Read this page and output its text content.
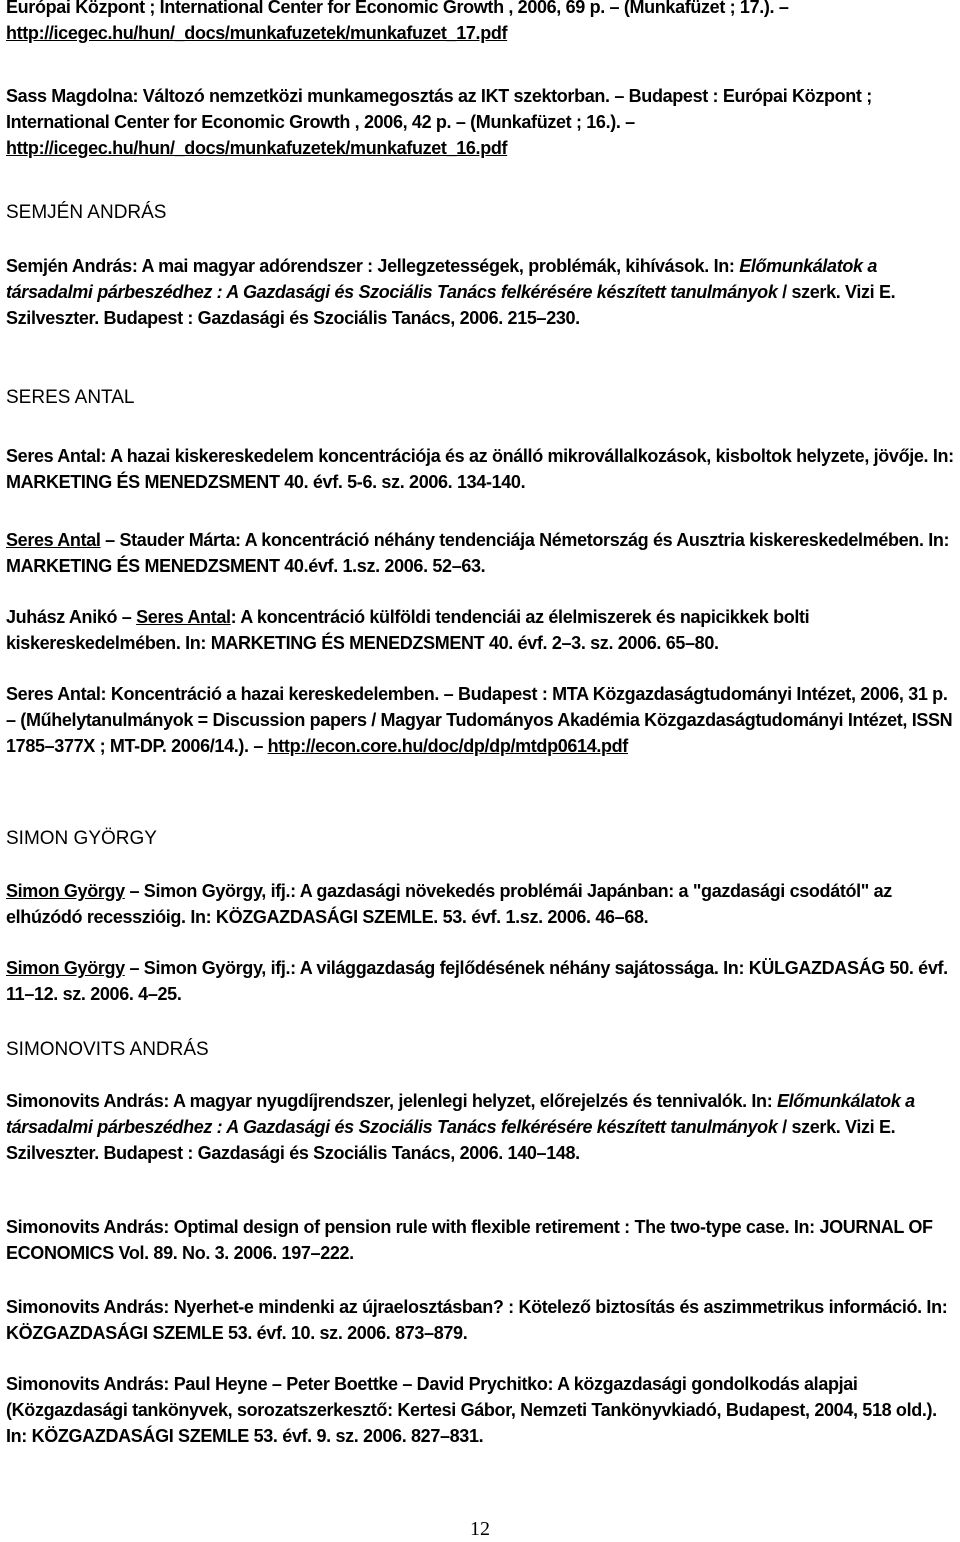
Európai Központ ; International Center for Economic Growth , 2006, 69 p. – (Munkafüzet ; 17.). – http://icegec.hu/hun/_docs/munkafuzetek/munkafuzet_17.pdf
Sass Magdolna: Változó nemzetközi munkamegosztás az IKT szektorban. – Budapest : Európai Központ ; International Center for Economic Growth , 2006, 42 p. – (Munkafüzet ; 16.). – http://icegec.hu/hun/_docs/munkafuzetek/munkafuzet_16.pdf
SEMJÉN ANDRÁS
Semjén András: A mai magyar adórendszer : Jellegzetességek, problémák, kihívások. In: Előmunkálatok a társadalmi párbeszédhez : A Gazdasági és Szociális Tanács felkérésére készített tanulmányok / szerk. Vizi E. Szilveszter. Budapest : Gazdasági és Szociális Tanács, 2006. 215–230.
SERES ANTAL
Seres Antal: A hazai kiskereskedelem koncentrációja és az önálló mikrovállalkozások, kisboltok helyzete, jövője. In: MARKETING ÉS MENEDZSMENT 40. évf. 5-6. sz. 2006. 134-140.
Seres Antal – Stauder Márta: A koncentráció néhány tendenciája Németország és Ausztria kiskereskedelmében. In: MARKETING ÉS MENEDZSMENT 40.évf. 1.sz. 2006. 52–63.
Juhász Anikó – Seres Antal: A koncentráció külföldi tendenciái az élelmiszerek és napicikkek bolti kiskereskedelmében. In: MARKETING ÉS MENEDZSMENT 40. évf. 2–3. sz. 2006. 65–80.
Seres Antal: Koncentráció a hazai kereskedelemben. – Budapest : MTA Közgazdaságtudományi Intézet, 2006, 31 p. – (Műhelytanulmányok = Discussion papers / Magyar Tudományos Akadémia Közgazdaságtudományi Intézet, ISSN 1785–377X ; MT-DP. 2006/14.). – http://econ.core.hu/doc/dp/dp/mtdp0614.pdf
SIMON GYÖRGY
Simon György – Simon György, ifj.: A gazdasági növekedés problémái Japánban: a "gazdasági csodától" az elhúzódó recesszióig. In: KÖZGAZDASÁGI SZEMLE. 53. évf. 1.sz. 2006. 46–68.
Simon György – Simon György, ifj.: A világgazdaság fejlődésének néhány sajátossága. In: KÜLGAZDASÁG 50. évf. 11–12. sz. 2006. 4–25.
SIMONOVITS ANDRÁS
Simonovits András: A magyar nyugdíjrendszer, jelenlegi helyzet, előrejelzés és tennivalók. In: Előmunkálatok a társadalmi párbeszédhez : A Gazdasági és Szociális Tanács felkérésére készített tanulmányok / szerk. Vizi E. Szilveszter. Budapest : Gazdasági és Szociális Tanács, 2006. 140–148.
Simonovits András: Optimal design of pension rule with flexible retirement : The two-type case. In: JOURNAL OF ECONOMICS Vol. 89. No. 3. 2006. 197–222.
Simonovits András: Nyerhet-e mindenki az újraelosztásban? : Kötelező biztosítás és aszimmetrikus információ. In: KÖZGAZDASÁGI SZEMLE 53. évf. 10. sz. 2006. 873–879.
Simonovits András: Paul Heyne – Peter Boettke – David Prychitko: A közgazdasági gondolkodás alapjai (Közgazdasági tankönyvek, sorozatszerkesztő: Kertesi Gábor, Nemzeti Tankönyvkiadó, Budapest, 2004, 518 old.). In: KÖZGAZDASÁGI SZEMLE 53. évf. 9. sz. 2006. 827–831.
12
